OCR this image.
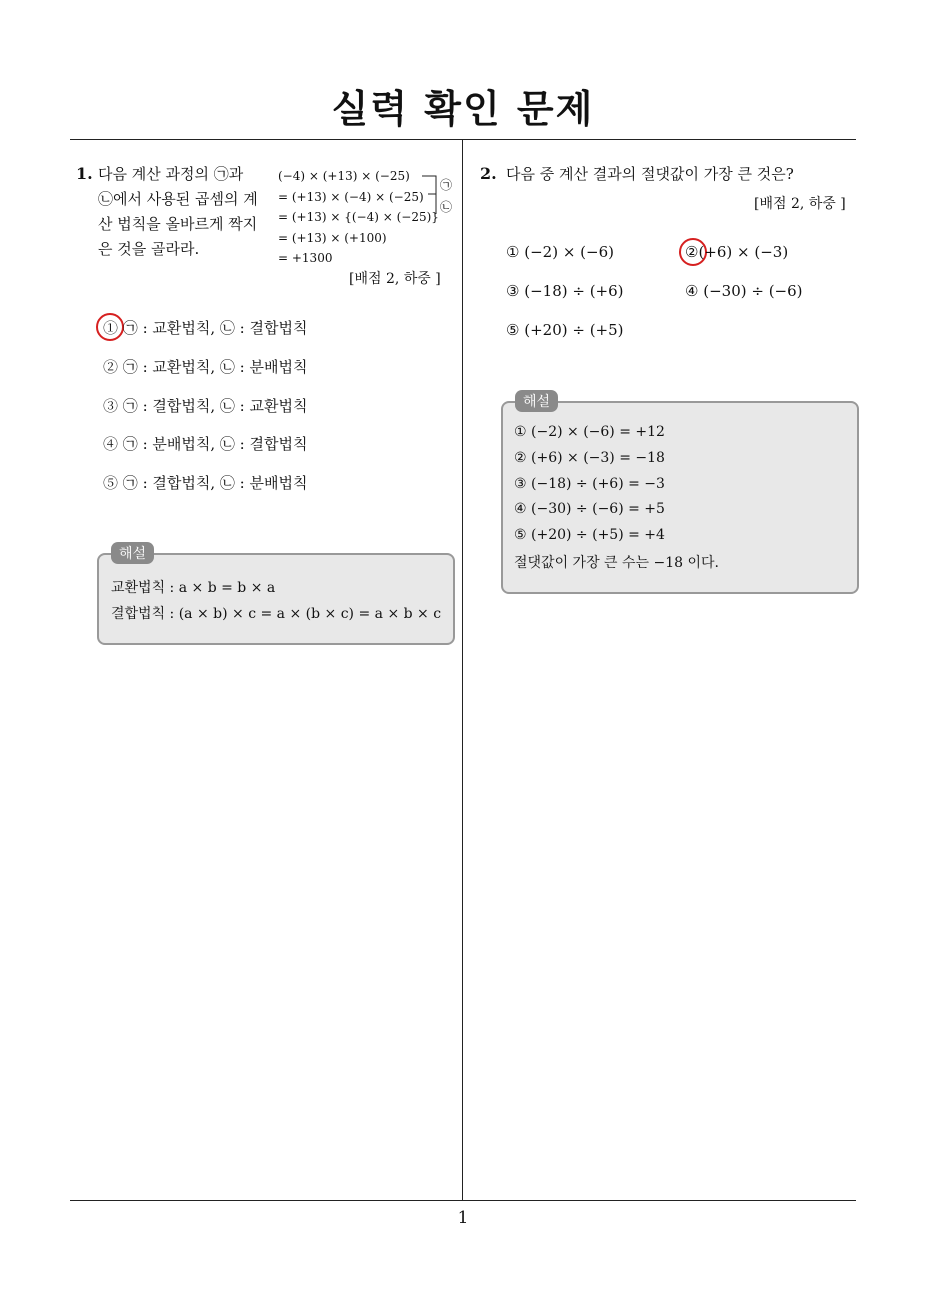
실력 확인 문제
1. 다음 계산 과정의 ㉠과
㉡에서 사용된 곱셈의 계
산 법칙을 올바르게 짝지
은 것을 골라라.
(−4) × (+13) × (−25)
= (+13) × (−4) × (−25)
= (+13) × {(−4) × (−25)}
= (+13) × (+100)
= +1300
㉠
㉡
[배점 2, 하중 ]
① ㉠ : 교환법칙, ㉡ : 결합법칙
② ㉠ : 교환법칙, ㉡ : 분배법칙
③ ㉠ : 결합법칙, ㉡ : 교환법칙
④ ㉠ : 분배법칙, ㉡ : 결합법칙
⑤ ㉠ : 결합법칙, ㉡ : 분배법칙
해설
교환법칙 : a × b = b × a
결합법칙 : (a × b) × c = a × (b × c) = a × b × c
2. 다음 중 계산 결과의 절댓값이 가장 큰 것은?
[배점 2, 하중 ]
① (−2) × (−6)	②(+6) × (−3)
③ (−18) ÷ (+6)	④ (−30) ÷ (−6)
⑤ (+20) ÷ (+5)
해설
① (−2) × (−6) = +12
② (+6) × (−3) = −18
③ (−18) ÷ (+6) = −3
④ (−30) ÷ (−6) = +5
⑤ (+20) ÷ (+5) = +4
절댓값이 가장 큰 수는 −18 이다.
1
